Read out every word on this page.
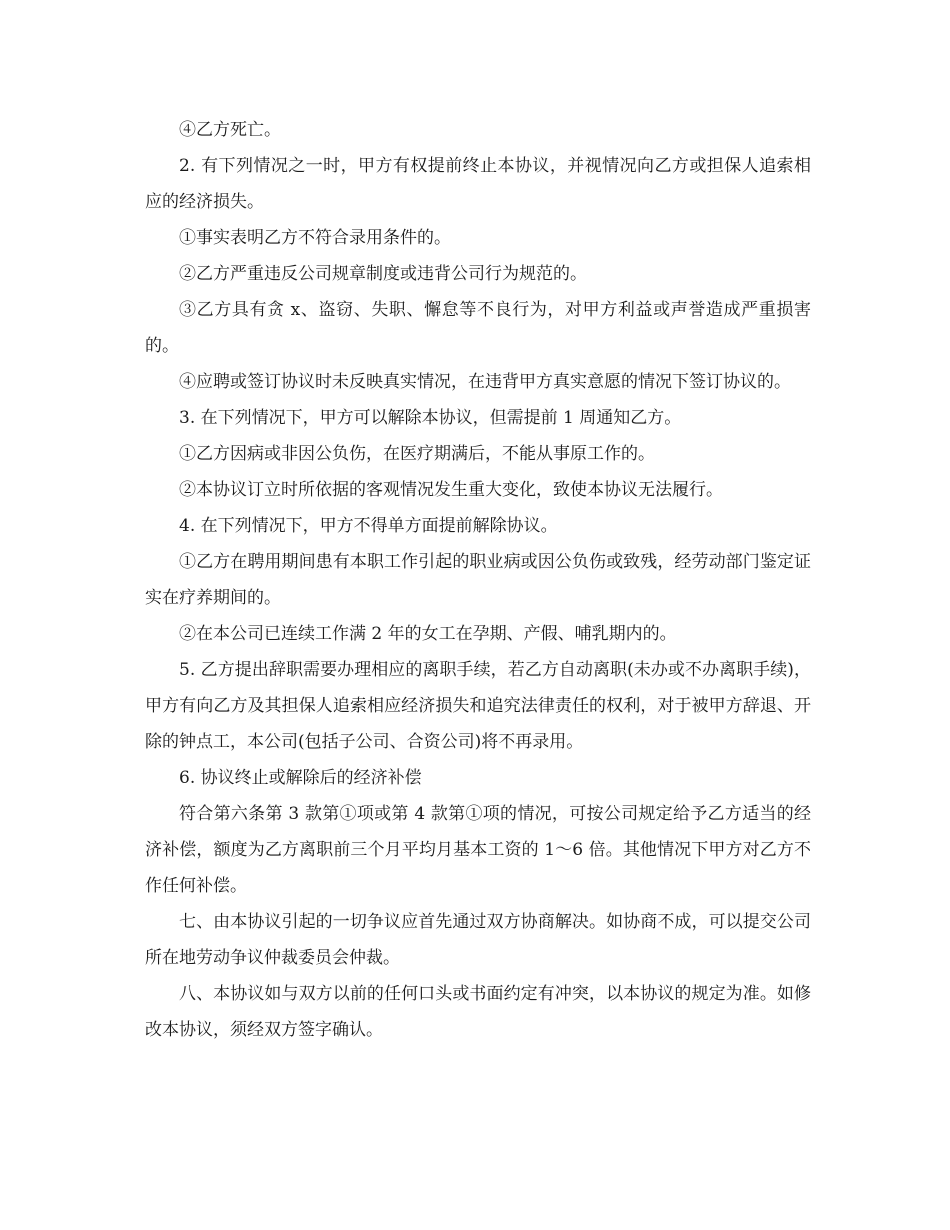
④乙方死亡。

2. 有下列情况之一时，甲方有权提前终止本协议，并视情况向乙方或担保人追索相应的经济损失。

①事实表明乙方不符合录用条件的。

②乙方严重违反公司规章制度或违背公司行为规范的。

③乙方具有贪 x、盗窃、失职、懈怠等不良行为，对甲方利益或声誉造成严重损害的。

④应聘或签订协议时未反映真实情况，在违背甲方真实意愿的情况下签订协议的。

3. 在下列情况下，甲方可以解除本协议，但需提前 1 周通知乙方。

①乙方因病或非因公负伤，在医疗期满后，不能从事原工作的。

②本协议订立时所依据的客观情况发生重大变化，致使本协议无法履行。

4. 在下列情况下，甲方不得单方面提前解除协议。

①乙方在聘用期间患有本职工作引起的职业病或因公负伤或致残，经劳动部门鉴定证实在疗养期间的。

②在本公司已连续工作满 2 年的女工在孕期、产假、哺乳期内的。

5. 乙方提出辞职需要办理相应的离职手续，若乙方自动离职(未办或不办离职手续)，甲方有向乙方及其担保人追索相应经济损失和追究法律责任的权利，对于被甲方辞退、开除的钟点工，本公司(包括子公司、合资公司)将不再录用。

6. 协议终止或解除后的经济补偿

符合第六条第 3 款第①项或第 4 款第①项的情况，可按公司规定给予乙方适当的经济补偿，额度为乙方离职前三个月平均月基本工资的 1～6 倍。其他情况下甲方对乙方不作任何补偿。

七、由本协议引起的一切争议应首先通过双方协商解决。如协商不成，可以提交公司所在地劳动争议仲裁委员会仲裁。

八、本协议如与双方以前的任何口头或书面约定有冲突，以本协议的规定为准。如修改本协议，须经双方签字确认。
